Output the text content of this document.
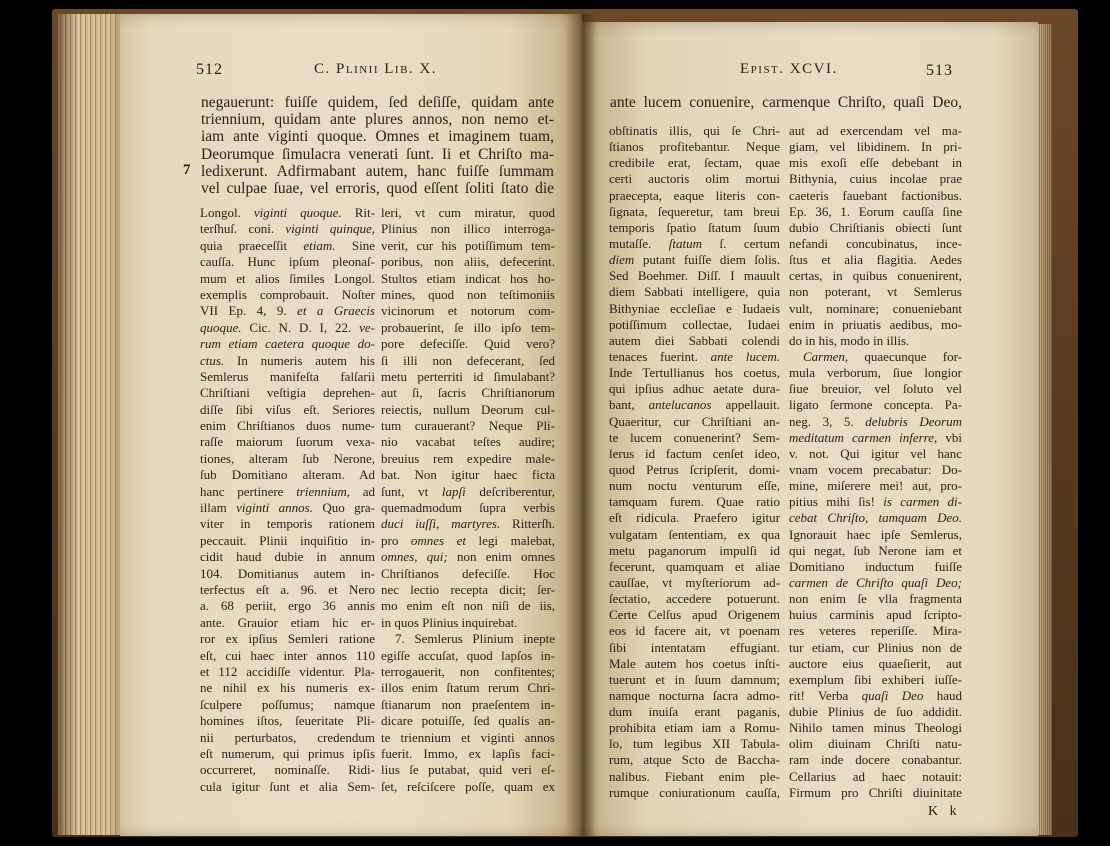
512	C. Plinii Lib. X.	Epist. XCVI.	513
7
negauerunt: fuiſſe quidem, ſed deſiſſe, quidam ante
triennium, quidam ante plures annos, non nemo et-
iam ante viginti quoque. Omnes et imaginem tuam,
Deorumque ſimulacra venerati ſunt. Ii et Chriſto ma-
ledixerunt. Adfirmabant autem, hanc fuiſſe ſummam
vel culpae ſuae, vel erroris, quod eſſent ſoliti ſtato die
Longol. viginti quoque. Rit-
terſhuſ. coni. viginti quinque,
quia praeceſſit etiam. Sine
cauſſa. Hunc ipſum pleonaſ-
mum et alios ſimiles Longol.
exemplis comprobauit. Noſter
VII Ep. 4, 9. et a Graecis
quoque. Cic. N. D. I, 22. ve-
rum etiam caetera quoque do-
ctus. In numeris autem his
Semlerus manifeſta falſarii
Chriſtiani veſtigia deprehen-
diſſe ſibi viſus eſt. Seriores
enim Chriſtianos duos nume-
raſſe maiorum ſuorum vexa-
tiones, alteram ſub Nerone,
ſub Domitiano alteram. Ad
hanc pertinere triennium, ad
illam viginti annos. Quo gra-
viter in temporis rationem
peccauit. Plinii inquiſitio in-
cidit haud dubie in annum
104. Domitianus autem in-
terfectus eſt a. 96. et Nero
a. 68 periit, ergo 36 annis
ante. Grauior etiam hic er-
ror ex ipſius Semleri ratione
eſt, cui haec inter annos 110
et 112 accidiſſe videntur. Pla-
ne nihil ex his numeris ex-
ſculpere poſſumus; namque
homines iſtos, ſeueritate Pli-
nii perturbatos, credendum
eſt numerum, qui primus ipſis
occurreret, nominaſſe. Ridi-
cula igitur ſunt et alia Sem-
leri, vt cum miratur, quod
Plinius non illico interroga-
verit, cur his potiſſimum tem-
poribus, non aliis, defecerint.
Stultos etiam indicat hos ho-
mines, quod non teſtimoniis
vicinorum et notorum com-
probauerint, ſe illo ipſo tem-
pore defeciſſe. Quid vero?
ſi illi non defecerant, ſed
metu perterriti id ſimulabant?
aut ſi, ſacris Chriſtianorum
reiectis, nullum Deorum cul-
tum curauerant? Neque Pli-
nio vacabat teſtes audire;
breuius rem expedire male-
bat. Non igitur haec ficta
ſunt, vt lapſi deſcriberentur,
quemadmodum ſupra verbis
duci iuſſi, martyres. Ritterſh.
pro omnes et legi malebat,
omnes, qui; non enim omnes
Chriſtianos defeciſſe. Hoc
nec lectio recepta dicit; ſer-
mo enim eſt non niſi de iis,
in quos Plinius inquirebat.
7. Semlerus Plinium inepte
egiſſe accuſat, quod lapſos in-
terrogauerit, non confitentes;
illos enim ſtatum rerum Chri-
ſtianarum non praeſentem in-
dicare potuiſſe, ſed qualis an-
te triennium et viginti annos
fuerit. Immo, ex lapſis faci-
lius ſe putabat, quid veri eſ-
ſet, reſciſcere poſſe, quam ex
ante lucem conuenire, carmenque Chriſto, quaſi Deo,
obſtinatis illis, qui ſe Chri-
ſtianos profitebantur. Neque
credibile erat, ſectam, quae
certi auctoris olim mortui
praecepta, eaque literis con-
ſignata, ſequeretur, tam breui
temporis ſpatio ſtatum ſuum
mutaſſe. ſtatum ſ. certum
diem putant fuiſſe diem ſolis.
Sed Boehmer. Diſſ. I mauult
diem Sabbati intelligere, quia
Bithyniae eccleſiae e Iudaeis
potiſſimum collectae, Iudaei
autem diei Sabbati colendi
tenaces fuerint. ante lucem.
Inde Tertullianus hos coetus,
qui ipſius adhuc aetate dura-
bant, antelucanos appellauit.
Quaeritur, cur Chriſtiani an-
te lucem conuenerint? Sem-
lerus id factum cenſet ideo,
quod Petrus ſcripſerit, domi-
num noctu venturum eſſe,
tamquam furem. Quae ratio
eſt ridicula. Praefero igitur
vulgatam ſententiam, ex qua
metu paganorum impulſi id
fecerunt, quamquam et aliae
cauſſae, vt myſteriorum ad-
ſectatio, accedere potuerunt.
Certe Celſus apud Origenem
eos id facere ait, vt poenam
ſibi intentatam effugiant.
Male autem hos coetus inſti-
tuerunt et in ſuum damnum;
namque nocturna ſacra admo-
dum inuiſa erant paganis,
prohibita etiam iam a Romu-
lo, tum legibus XII Tabula-
rum, atque Scto de Baccha-
nalibus. Fiebant enim ple-
rumque coniurationum cauſſa,
aut ad exercendam vel ma-
giam, vel libidinem. In pri-
mis exoſi eſſe debebant in
Bithynia, cuius incolae prae
caeteris fauebant factionibus.
Ep. 36, 1. Eorum cauſſa ſine
dubio Chriſtianis obiecti ſunt
nefandi concubinatus, ince-
ſtus et alia flagitia. Aedes
certas, in quibus conuenirent,
non poterant, vt Semlerus
vult, nominare; conueniebant
enim in priuatis aedibus, mo-
do in his, modo in illis.
Carmen, quaecunque for-
mula verborum, ſiue longior
ſiue breuior, vel ſoluto vel
ligato ſermone concepta. Pa-
neg. 3, 5. delubris Deorum
meditatum carmen inferre, vbi
v. not. Qui igitur vel hanc
vnam vocem precabatur: Do-
mine, miſerere mei! aut, pro-
pitius mihi ſis! is carmen di-
cebat Chriſto, tamquam Deo.
Ignorauit haec ipſe Semlerus,
qui negat, ſub Nerone iam et
Domitiano inductum fuiſſe
carmen de Chriſto quaſi Deo;
non enim ſe vlla fragmenta
huius carminis apud ſcripto-
res veteres reperiſſe. Mira-
tur etiam, cur Plinius non de
auctore eius quaeſierit, aut
exemplum ſibi exhiberi iuſſe-
rit! Verba quaſi Deo haud
dubie Plinius de ſuo addidit.
Nihilo tamen minus Theologi
olim diuinam Chriſti natu-
ram inde docere conabantur.
Cellarius ad haec notauit:
Firmum pro Chriſti diuinitate
K k
